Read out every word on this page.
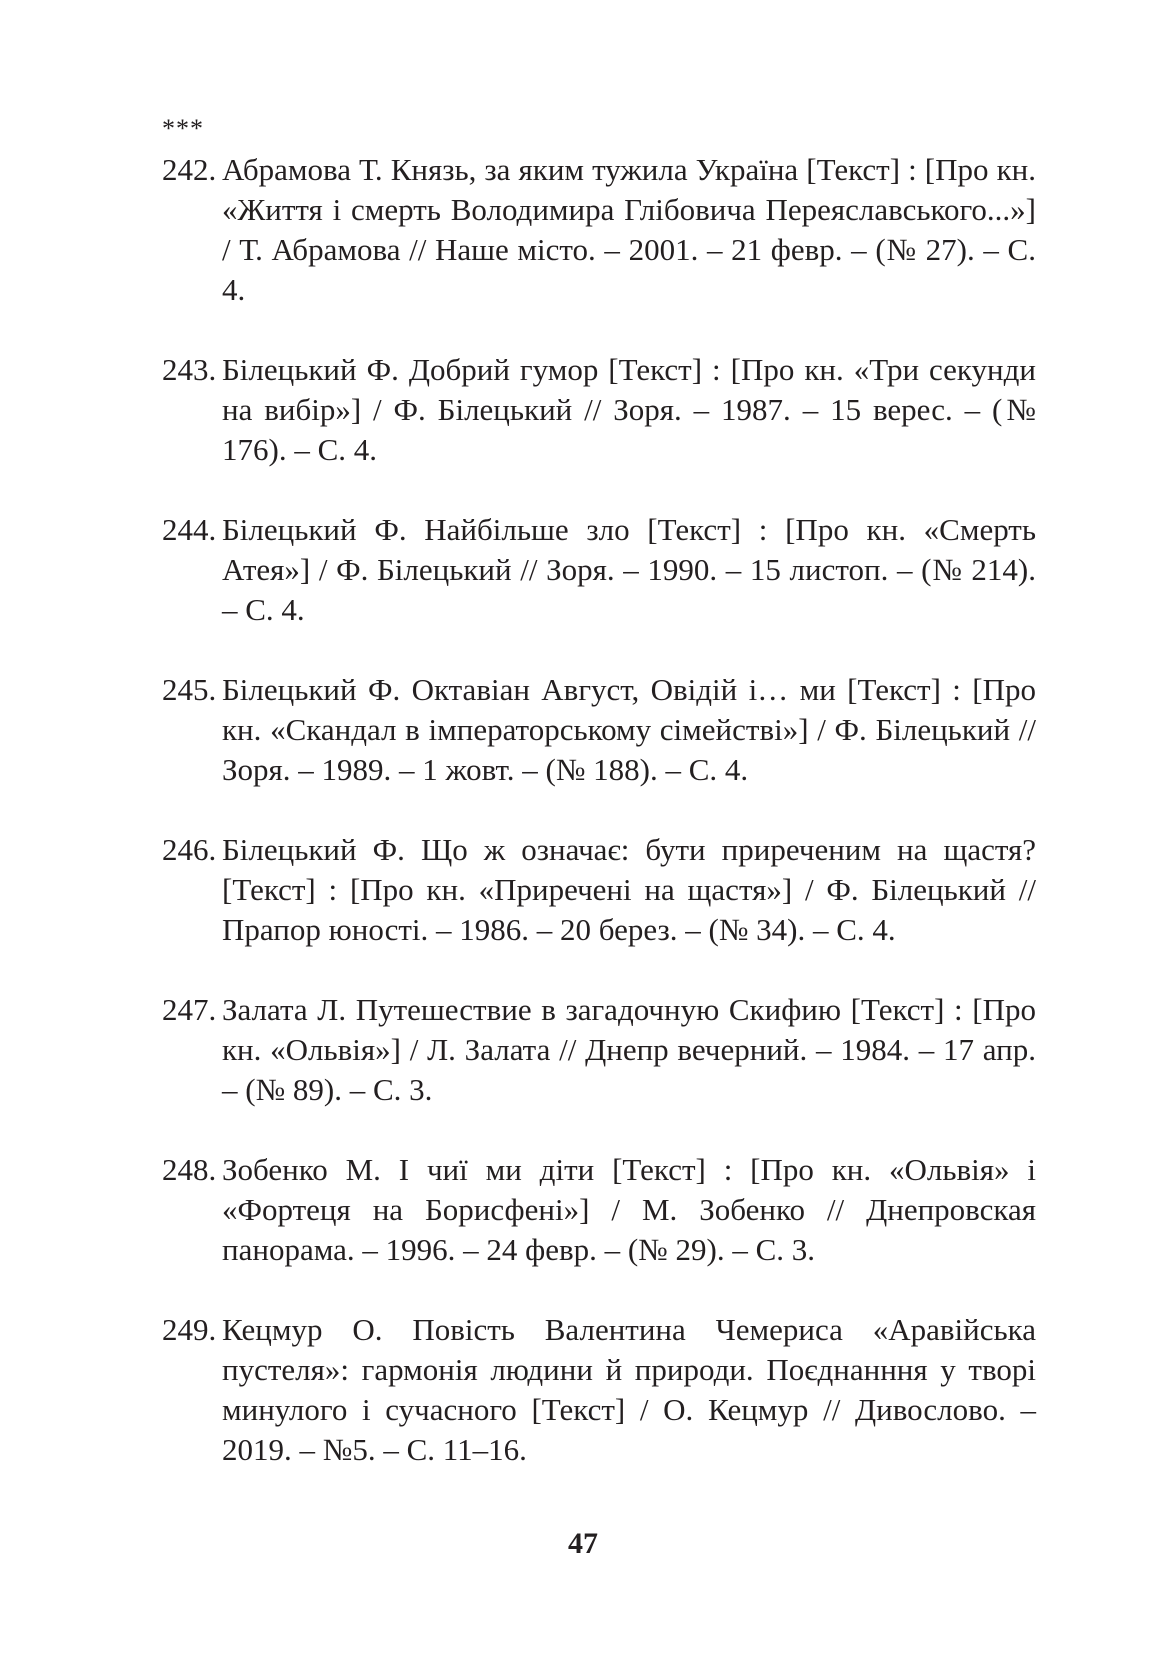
***
242. Абрамова Т. Князь, за яким тужила Україна [Текст] : [Про кн. «Життя і смерть Володимира Глібовича Переяславського...»] / Т. Абрамова // Наше місто. – 2001. – 21 февр. – (№ 27). – С. 4.
243. Білецький Ф. Добрий гумор [Текст] : [Про кн. «Три секунди на вибір»] / Ф. Білецький // Зоря. – 1987. – 15 верес. – (№ 176). – С. 4.
244. Білецький Ф. Найбільше зло [Текст] : [Про кн. «Смерть Атея»] / Ф. Білецький // Зоря. – 1990. – 15 листоп. – (№ 214). – С. 4.
245. Білецький Ф. Октавіан Август, Овідій і… ми [Текст] : [Про кн. «Скандал в імператорському сімействі»] / Ф. Білецький // Зоря. – 1989. – 1 жовт. – (№ 188). – С. 4.
246. Білецький Ф. Що ж означає: бути приреченим на щастя? [Текст] : [Про кн. «Приречені на щастя»] / Ф. Білецький // Прапор юності. – 1986. – 20 берез. – (№ 34). – С. 4.
247. Залата Л. Путешествие в загадочную Скифию [Текст] : [Про кн. «Ольвія»] / Л. Залата // Днепр вечерний. – 1984. – 17 апр. – (№ 89). – С. 3.
248. Зобенко М. І чиї ми діти [Текст] : [Про кн. «Ольвія» і «Фортеця на Борисфені»] / М. Зобенко // Днепровская панорама. – 1996. – 24 февр. – (№ 29). – С. 3.
249. Кецмур О. Повість Валентина Чемериса «Аравійська пустеля»: гармонія людини й природи. Поєднанння у творі минулого і сучасного [Текст] / О. Кецмур // Дивослово. – 2019. – №5. – С. 11–16.
47
